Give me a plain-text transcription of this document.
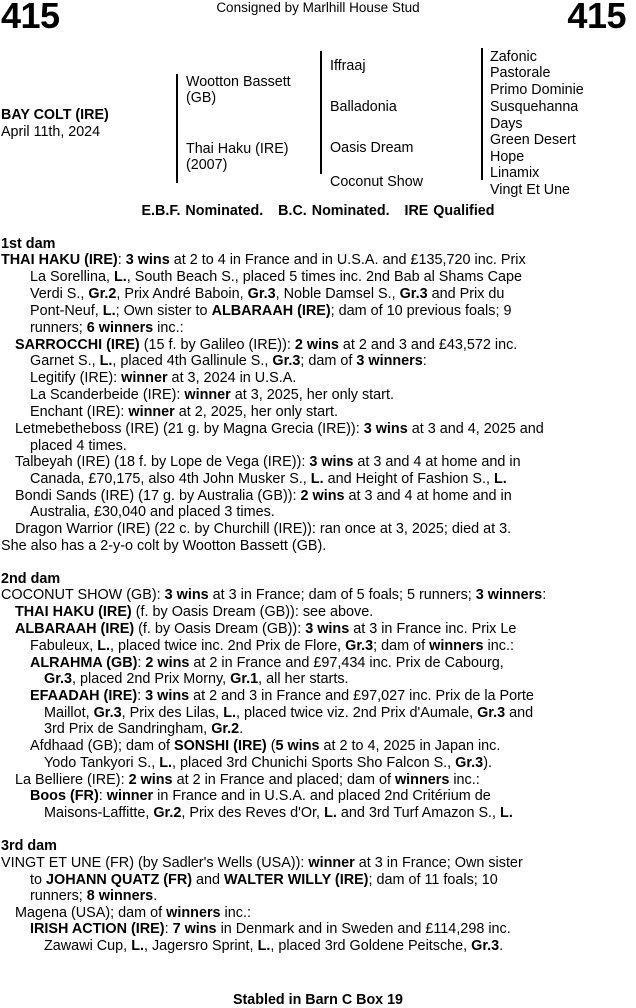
415	Consigned by Marlhill House Stud	415
BAY COLT (IRE)
April 11th, 2024
Wootton Bassett (GB)
Thai Haku (IRE) (2007)
Iffraaj
Balladonia
Oasis Dream
Coconut Show
Zafonic
Pastorale
Primo Dominie
Susquehanna
Days
Green Desert
Hope
Linamix
Vingt Et Une
E.B.F. Nominated.   B.C. Nominated.   IRE Qualified
1st dam
THAI HAKU (IRE): 3 wins at 2 to 4 in France and in U.S.A. and £135,720 inc. Prix
La Sorellina, L., South Beach S., placed 5 times inc. 2nd Bab al Shams Cape
Verdi S., Gr.2, Prix André Baboin, Gr.3, Noble Damsel S., Gr.3 and Prix du
Pont-Neuf, L.; Own sister to ALBARAAH (IRE); dam of 10 previous foals; 9
runners; 6 winners inc.:
SARROCCHI (IRE) (15 f. by Galileo (IRE)): 2 wins at 2 and 3 and £43,572 inc.
Garnet S., L., placed 4th Gallinule S., Gr.3; dam of 3 winners:
Legitify (IRE): winner at 3, 2024 in U.S.A.
La Scanderbeide (IRE): winner at 3, 2025, her only start.
Enchant (IRE): winner at 2, 2025, her only start.
Letmebetheboss (IRE) (21 g. by Magna Grecia (IRE)): 3 wins at 3 and 4, 2025 and
placed 4 times.
Talbeyah (IRE) (18 f. by Lope de Vega (IRE)): 3 wins at 3 and 4 at home and in
Canada, £70,175, also 4th John Musker S., L. and Height of Fashion S., L.
Bondi Sands (IRE) (17 g. by Australia (GB)): 2 wins at 3 and 4 at home and in
Australia, £30,040 and placed 3 times.
Dragon Warrior (IRE) (22 c. by Churchill (IRE)): ran once at 3, 2025; died at 3.
She also has a 2-y-o colt by Wootton Bassett (GB).
2nd dam
COCONUT SHOW (GB): 3 wins at 3 in France; dam of 5 foals; 5 runners; 3 winners:
THAI HAKU (IRE) (f. by Oasis Dream (GB)): see above.
ALBARAAH (IRE) (f. by Oasis Dream (GB)): 3 wins at 3 in France inc. Prix Le
Fabuleux, L., placed twice inc. 2nd Prix de Flore, Gr.3; dam of winners inc.:
ALRAHMA (GB): 2 wins at 2 in France and £97,434 inc. Prix de Cabourg,
Gr.3, placed 2nd Prix Morny, Gr.1, all her starts.
EFAADAH (IRE): 3 wins at 2 and 3 in France and £97,027 inc. Prix de la Porte
Maillot, Gr.3, Prix des Lilas, L., placed twice viz. 2nd Prix d'Aumale, Gr.3 and
3rd Prix de Sandringham, Gr.2.
Afdhaad (GB); dam of SONSHI (IRE) (5 wins at 2 to 4, 2025 in Japan inc.
Yodo Tankyori S., L., placed 3rd Chunichi Sports Sho Falcon S., Gr.3).
La Belliere (IRE): 2 wins at 2 in France and placed; dam of winners inc.:
Boos (FR): winner in France and in U.S.A. and placed 2nd Critérium de
Maisons-Laffitte, Gr.2, Prix des Reves d'Or, L. and 3rd Turf Amazon S., L.
3rd dam
VINGT ET UNE (FR) (by Sadler's Wells (USA)): winner at 3 in France; Own sister
to JOHANN QUATZ (FR) and WALTER WILLY (IRE); dam of 11 foals; 10
runners; 8 winners.
Magena (USA); dam of winners inc.:
IRISH ACTION (IRE): 7 wins in Denmark and in Sweden and £114,298 inc.
Zawawi Cup, L., Jagersro Sprint, L., placed 3rd Goldene Peitsche, Gr.3.
Stabled in Barn C Box 19
